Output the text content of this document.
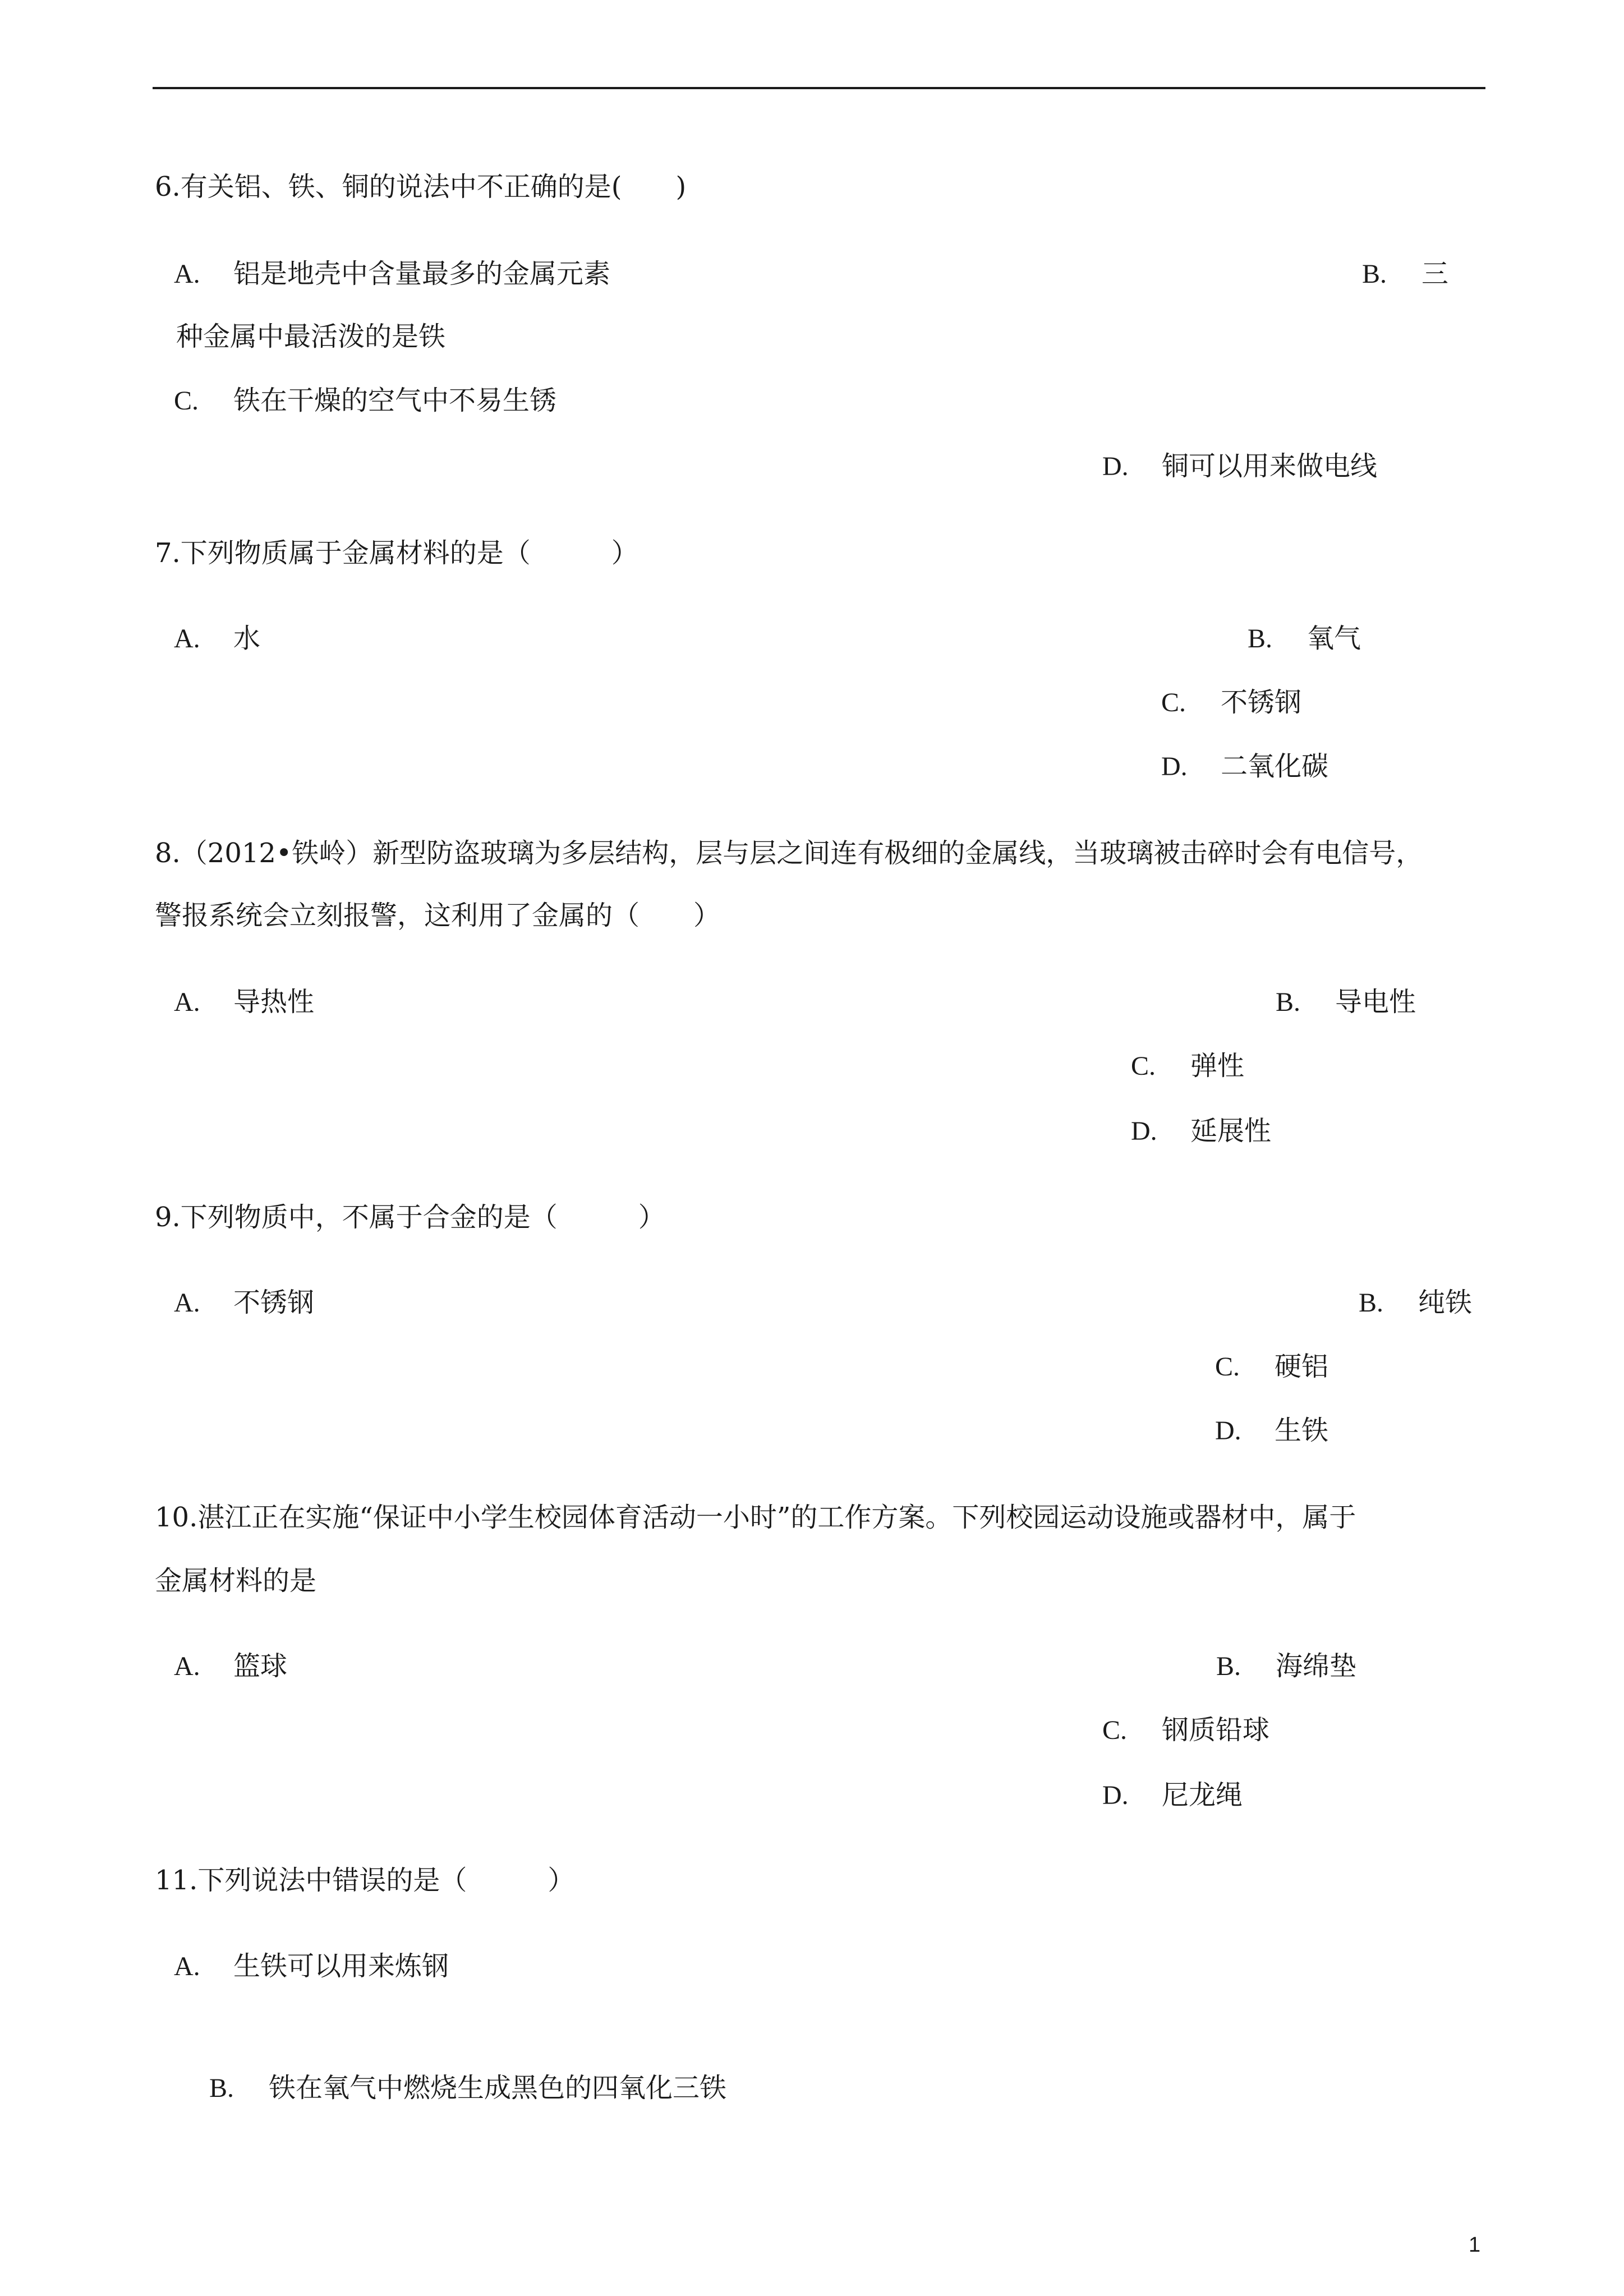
6.有关铝、铁、铜的说法中不正确的是(　　)
A. 铝是地壳中含量最多的金属元素	B. 三
种金属中最活泼的是铁
C. 铁在干燥的空气中不易生锈
D. 铜可以用来做电线
7.下列物质属于金属材料的是（　　　）
A. 水	B. 氧气
C. 不锈钢
D. 二氧化碳
8.（2012•铁岭）新型防盗玻璃为多层结构，层与层之间连有极细的金属线，当玻璃被击碎时会有电信号，
警报系统会立刻报警，这利用了金属的（　　）
A. 导热性	B. 导电性
C. 弹性
D. 延展性
9.下列物质中，不属于合金的是（　　　）
A. 不锈钢	B. 纯铁
C. 硬铝
D. 生铁
10.湛江正在实施“保证中小学生校园体育活动一小时”的工作方案。下列校园运动设施或器材中，属于
金属材料的是
A. 篮球	B. 海绵垫
C. 钢质铅球
D. 尼龙绳
11.下列说法中错误的是（　　　）
A. 生铁可以用来炼钢
B. 铁在氧气中燃烧生成黑色的四氧化三铁
1
